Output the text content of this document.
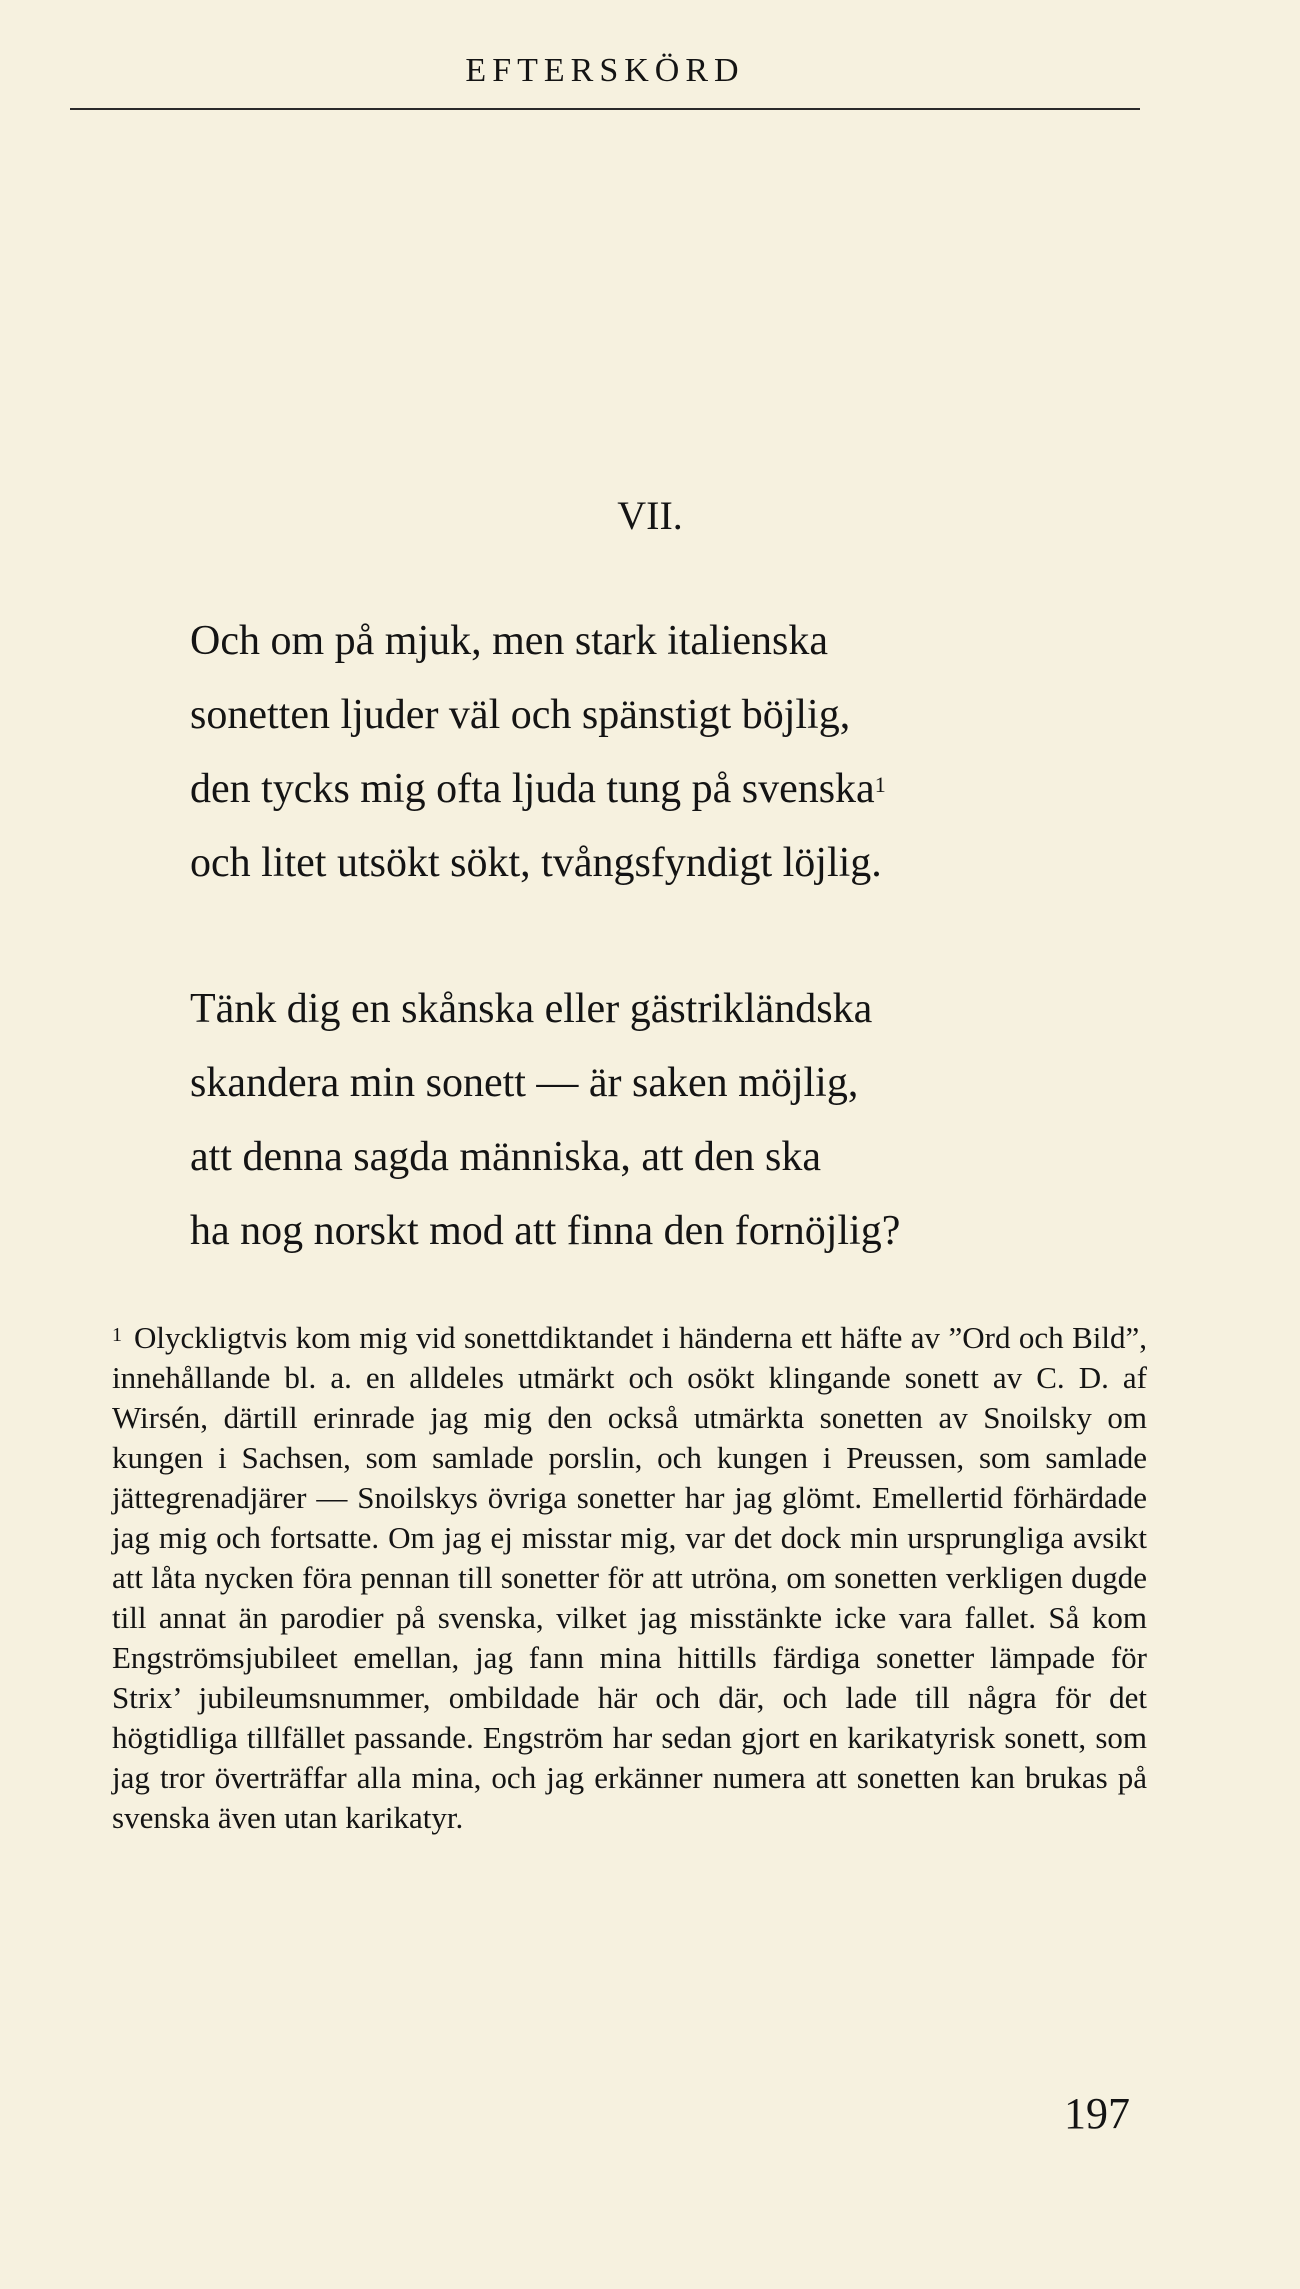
EFTERSKÖRD
VII.
Och om på mjuk, men stark italienska
sonetten ljuder väl och spänstigt böjlig,
den tycks mig ofta ljuda tung på svenska$^1$
och litet utsökt sökt, tvångsfyndigt löjlig.
Tänk dig en skånska eller gästrikländska
skandera min sonett — är saken möjlig,
att denna sagda människa, att den ska
ha nog norskt mod att finna den fornöjlig?
$^1$ Olyckligtvis kom mig vid sonettdiktandet i händerna ett häfte av ”Ord och Bild”, innehållande bl. a. en alldeles utmärkt och osökt klingande sonett av C. D. af Wirsén, därtill erinrade jag mig den också utmärkta sonetten av Snoilsky om kungen i Sachsen, som samlade porslin, och kungen i Preussen, som samlade jättegrenadjärer — Snoilskys övriga sonetter har jag glömt. Emellertid förhärdade jag mig och fortsatte. Om jag ej misstar mig, var det dock min ursprungliga avsikt att låta nycken föra pennan till sonetter för att utröna, om sonetten verkligen dugde till annat än parodier på svenska, vilket jag misstänkte icke vara fallet. Så kom Engströmsjubileet emellan, jag fann mina hittills färdiga sonetter lämpade för Strix’ jubileumsnummer, ombildade här och där, och lade till några för det högtidliga tillfället passande. Engström har sedan gjort en karikatyrisk sonett, som jag tror överträffar alla mina, och jag erkänner numera att sonetten kan brukas på svenska även utan karikatyr.
197
